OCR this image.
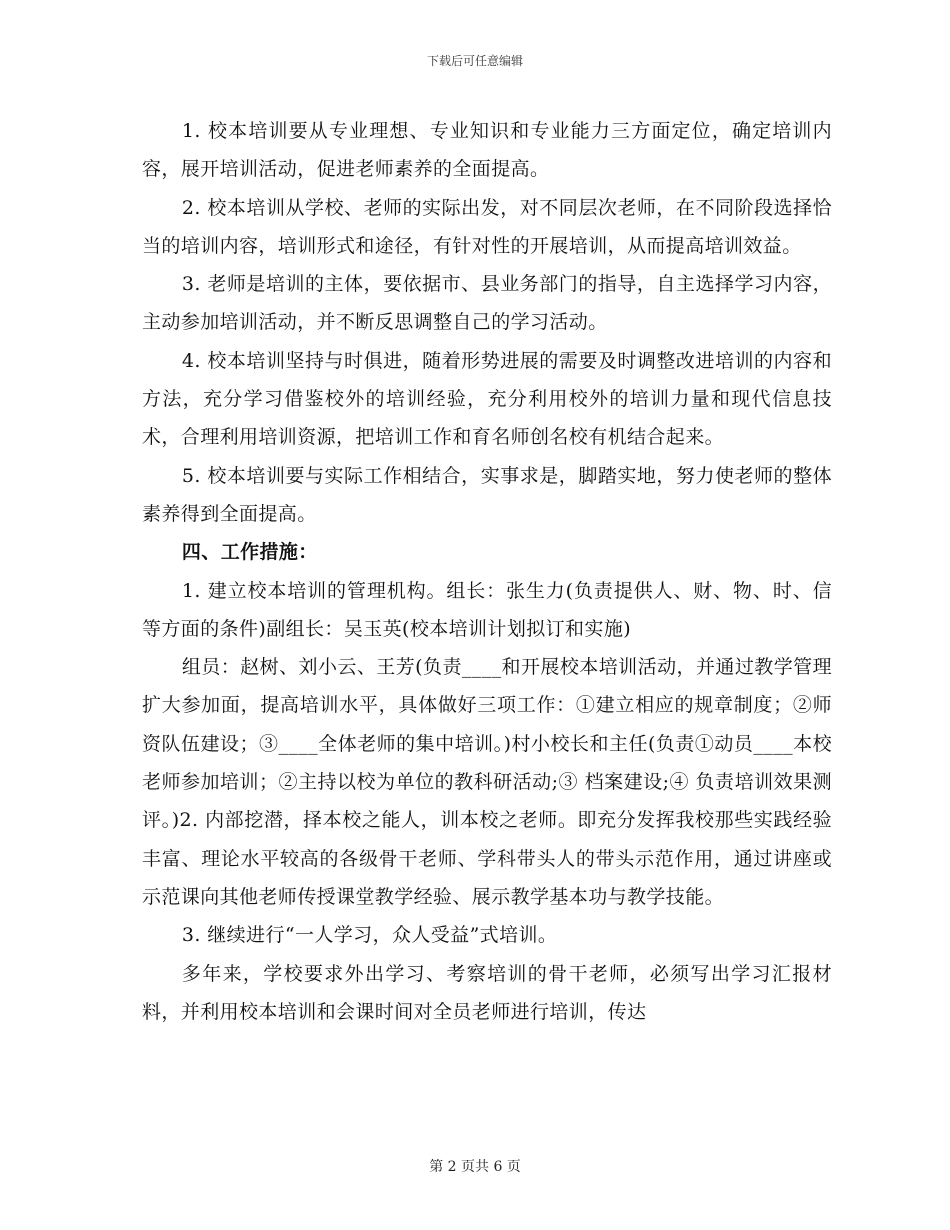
下载后可任意编辑

1. 校本培训要从专业理想、专业知识和专业能力三方面定位，确定培训内容，展开培训活动，促进老师素养的全面提高。

2. 校本培训从学校、老师的实际出发，对不同层次老师，在不同阶段选择恰当的培训内容，培训形式和途径，有针对性的开展培训，从而提高培训效益。

3. 老师是培训的主体，要依据市、县业务部门的指导，自主选择学习内容，主动参加培训活动，并不断反思调整自己的学习活动。

4. 校本培训坚持与时俱进，随着形势进展的需要及时调整改进培训的内容和方法，充分学习借鉴校外的培训经验，充分利用校外的培训力量和现代信息技术，合理利用培训资源，把培训工作和育名师创名校有机结合起来。

5. 校本培训要与实际工作相结合，实事求是，脚踏实地，努力使老师的整体素养得到全面提高。

四、工作措施：

1. 建立校本培训的管理机构。组长：张生力(负责提供人、财、物、时、信等方面的条件)副组长：吴玉英(校本培训计划拟订和实施)

组员：赵树、刘小云、王芳(负责____和开展校本培训活动，并通过教学管理扩大参加面，提高培训水平，具体做好三项工作：①建立相应的规章制度；②师资队伍建设；③____全体老师的集中培训。)村小校长和主任(负责①动员____本校老师参加培训；②主持以校为单位的教科研活动;③ 档案建设;④ 负责培训效果测评。)2. 内部挖潜，择本校之能人，训本校之老师。即充分发挥我校那些实践经验丰富、理论水平较高的各级骨干老师、学科带头人的带头示范作用，通过讲座或示范课向其他老师传授课堂教学经验、展示教学基本功与教学技能。

3. 继续进行“一人学习，众人受益”式培训。

多年来，学校要求外出学习、考察培训的骨干老师，必须写出学习汇报材料，并利用校本培训和会课时间对全员老师进行培训，传达

第 2 页共 6 页
